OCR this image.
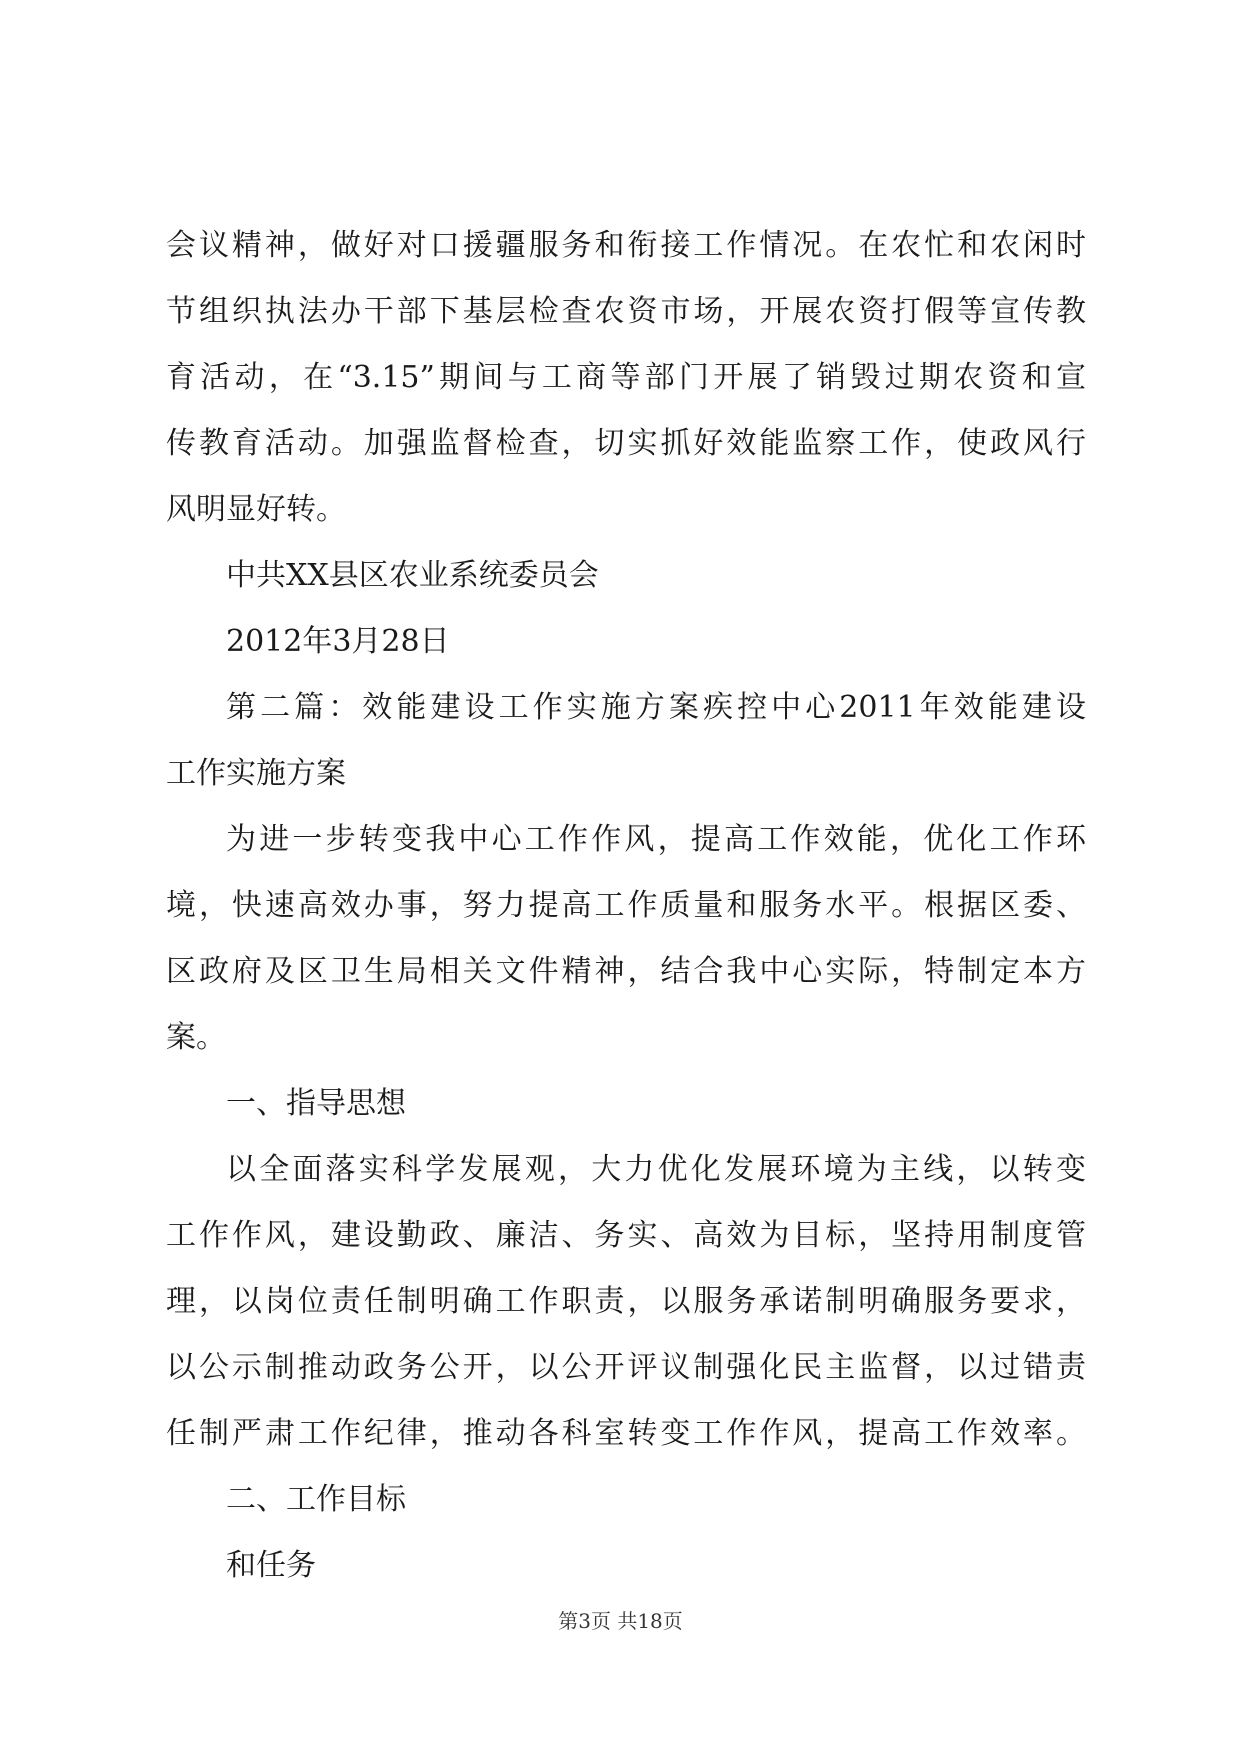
会议精神，做好对口援疆服务和衔接工作情况。在农忙和农闲时
节组织执法办干部下基层检查农资市场，开展农资打假等宣传教
育活动，在“3.15”期间与工商等部门开展了销毁过期农资和宣
传教育活动。加强监督检查，切实抓好效能监察工作，使政风行
风明显好转。
中共XX县区农业系统委员会
2012年3月28日
第二篇：效能建设工作实施方案疾控中心2011年效能建设
工作实施方案
为进一步转变我中心工作作风，提高工作效能，优化工作环
境，快速高效办事，努力提高工作质量和服务水平。根据区委、
区政府及区卫生局相关文件精神，结合我中心实际，特制定本方
案。
一、指导思想
以全面落实科学发展观，大力优化发展环境为主线，以转变
工作作风，建设勤政、廉洁、务实、高效为目标，坚持用制度管
理，以岗位责任制明确工作职责，以服务承诺制明确服务要求，
以公示制推动政务公开，以公开评议制强化民主监督，以过错责
任制严肃工作纪律，推动各科室转变工作作风，提高工作效率。
二、工作目标
和任务
第3页 共18页
